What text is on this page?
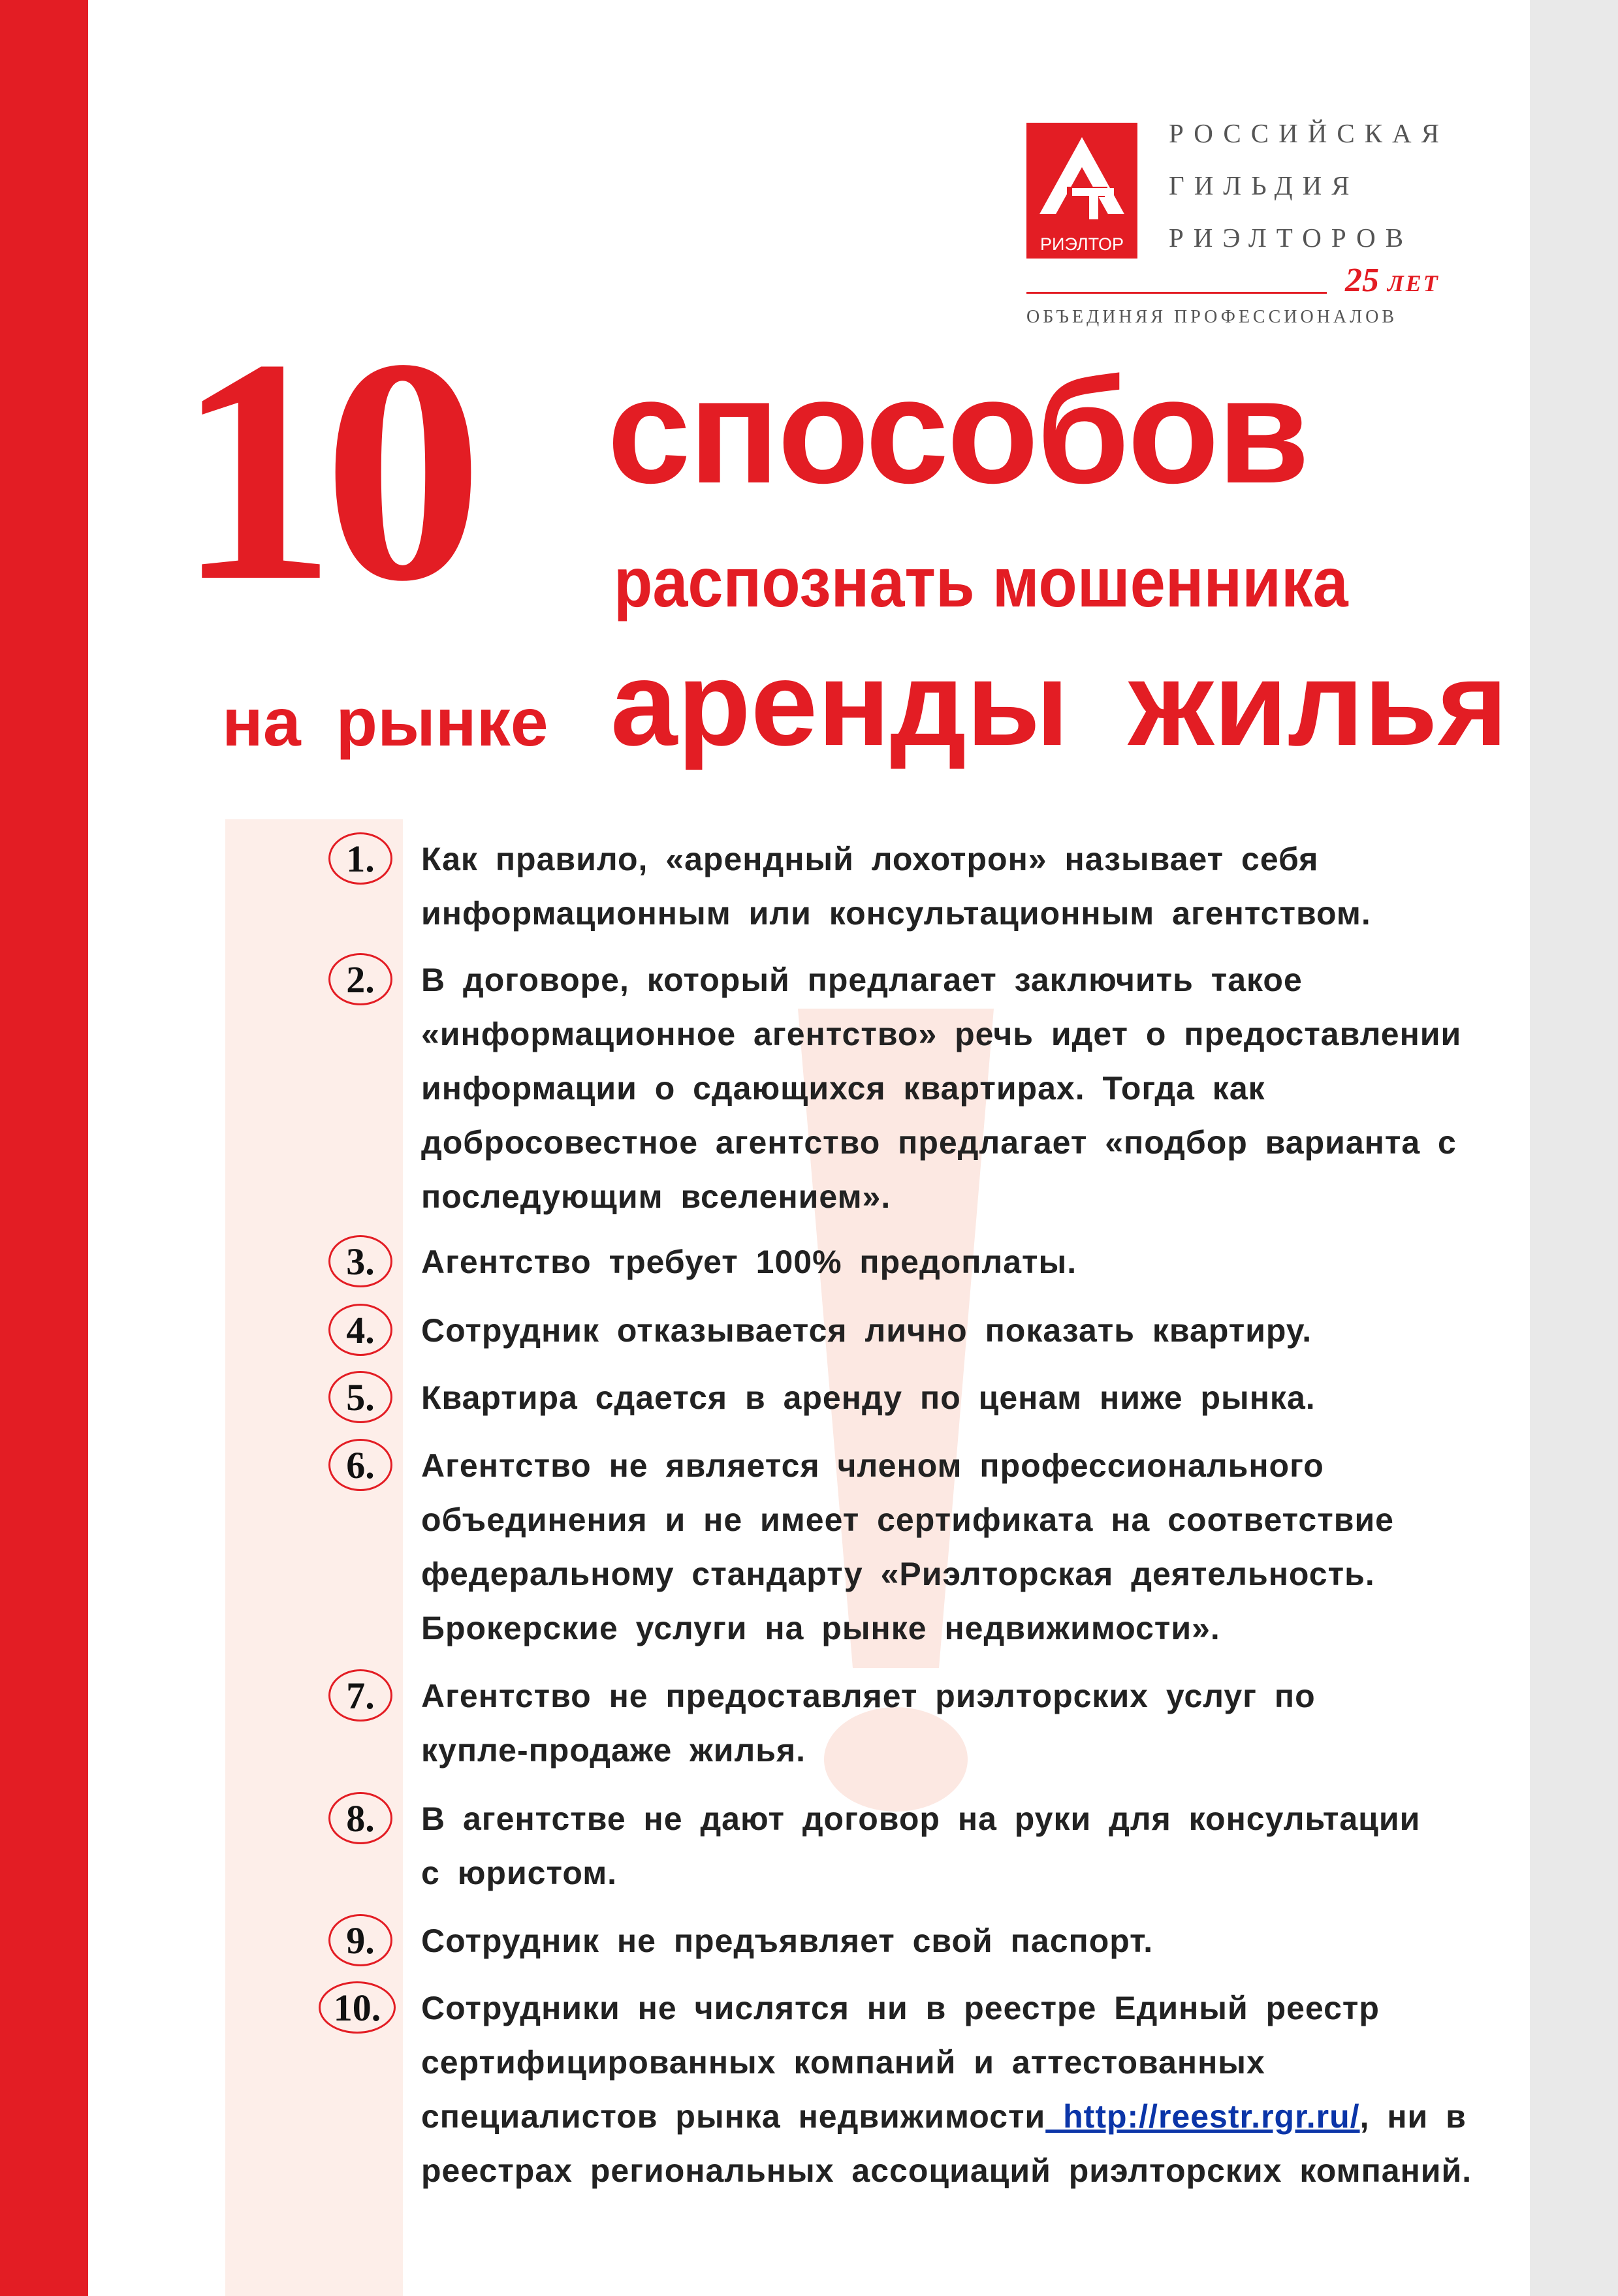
РИЭЛТОР
РОССИЙСКАЯ
ГИЛЬДИЯ
РИЭЛТОРОВ
25 ЛЕТ
ОБЪЕДИНЯЯ ПРОФЕССИОНАЛОВ
10 способов
распознать мошенника
на рынке аренды жилья
1.	Как правило, «арендный лохотрон» называет себя информационным или консультационным агентством.
2.	В договоре, который предлагает заключить такое «информационное агентство» речь идет о предоставлении информации о сдающихся квартирах. Тогда как добросовестное агентство предлагает «подбор варианта с последующим вселением».
3.	Агентство требует 100% предоплаты.
4.	Сотрудник отказывается лично показать квартиру.
5.	Квартира сдается в аренду по ценам ниже рынка.
6.	Агентство не является членом профессионального объединения и не имеет сертификата на соответствие федеральному стандарту «Риэлторская деятельность. Брокерские услуги на рынке недвижимости».
7.	Агентство не предоставляет риэлторских услуг по купле-продаже жилья.
8.	В агентстве не дают договор на руки для консультации с юристом.
9.	Сотрудник не предъявляет свой паспорт.
10.	Сотрудники не числятся ни в реестре Единый реестр сертифицированных компаний и аттестованных специалистов рынка недвижимости http://reestr.rgr.ru/, ни в реестрах региональных ассоциаций риэлторских компаний.
